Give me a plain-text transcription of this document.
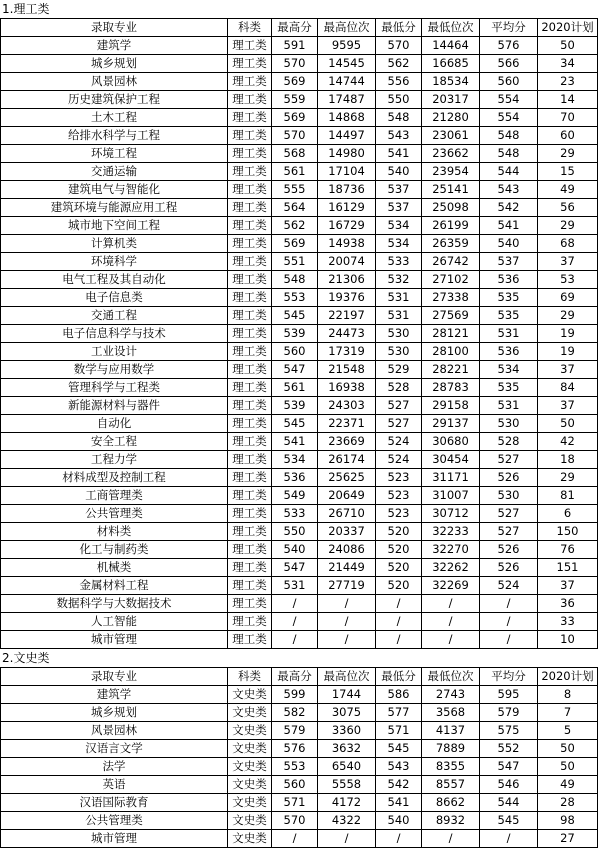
1.理工类
录取专业	科类	最高分	最高位次	最低分	最低位次	平均分	2020计划
建筑学	理工类	591	9595	570	14464	576	50
城乡规划	理工类	570	14545	562	16685	566	34
风景园林	理工类	569	14744	556	18534	560	23
历史建筑保护工程	理工类	559	17487	550	20317	554	14
土木工程	理工类	569	14868	548	21280	554	70
给排水科学与工程	理工类	570	14497	543	23061	548	60
环境工程	理工类	568	14980	541	23662	548	29
交通运输	理工类	561	17104	540	23954	544	15
建筑电气与智能化	理工类	555	18736	537	25141	543	49
建筑环境与能源应用工程	理工类	564	16129	537	25098	542	56
城市地下空间工程	理工类	562	16729	534	26199	541	29
计算机类	理工类	569	14938	534	26359	540	68
环境科学	理工类	551	20074	533	26742	537	37
电气工程及其自动化	理工类	548	21306	532	27102	536	53
电子信息类	理工类	553	19376	531	27338	535	69
交通工程	理工类	545	22197	531	27569	535	29
电子信息科学与技术	理工类	539	24473	530	28121	531	19
工业设计	理工类	560	17319	530	28100	536	19
数学与应用数学	理工类	547	21548	529	28221	534	37
管理科学与工程类	理工类	561	16938	528	28783	535	84
新能源材料与器件	理工类	539	24303	527	29158	531	37
自动化	理工类	545	22371	527	29137	530	50
安全工程	理工类	541	23669	524	30680	528	42
工程力学	理工类	534	26174	524	30454	527	18
材料成型及控制工程	理工类	536	25625	523	31171	526	29
工商管理类	理工类	549	20649	523	31007	530	81
公共管理类	理工类	533	26710	523	30712	527	6
材料类	理工类	550	20337	520	32233	527	150
化工与制药类	理工类	540	24086	520	32270	526	76
机械类	理工类	547	21449	520	32262	526	151
金属材料工程	理工类	531	27719	520	32269	524	37
数据科学与大数据技术	理工类	/	/	/	/	/	36
人工智能	理工类	/	/	/	/	/	33
城市管理	理工类	/	/	/	/	/	10
2.文史类
录取专业	科类	最高分	最高位次	最低分	最低位次	平均分	2020计划
建筑学	文史类	599	1744	586	2743	595	8
城乡规划	文史类	582	3075	577	3568	579	7
风景园林	文史类	579	3360	571	4137	575	5
汉语言文学	文史类	576	3632	545	7889	552	50
法学	文史类	553	6540	543	8355	547	50
英语	文史类	560	5558	542	8557	546	49
汉语国际教育	文史类	571	4172	541	8662	544	28
公共管理类	文史类	570	4322	540	8932	545	98
城市管理	文史类	/	/	/	/	/	27
